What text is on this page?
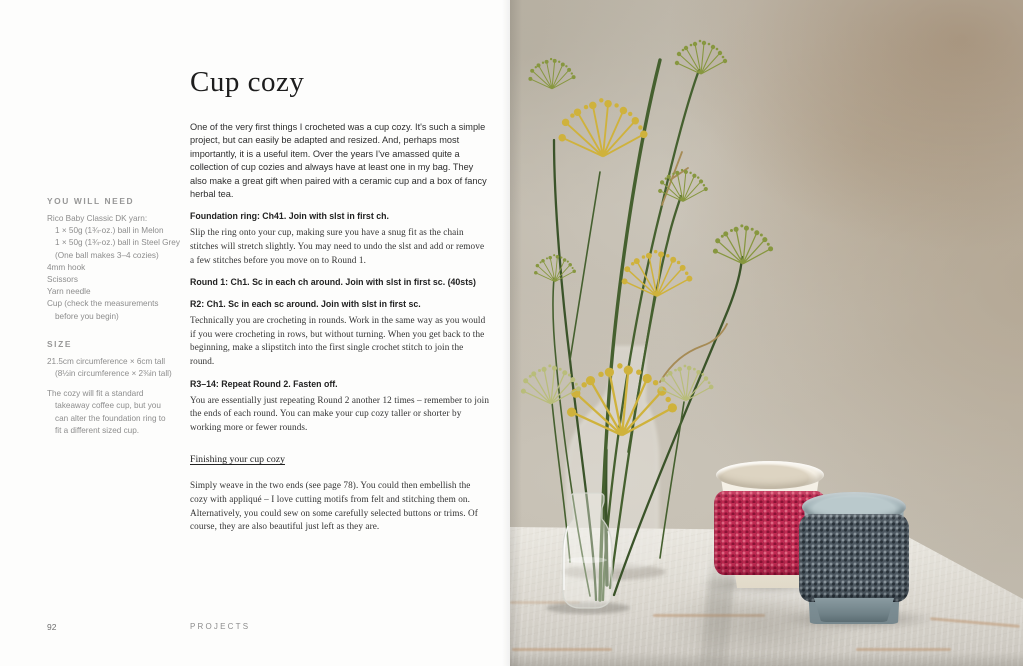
YOU WILL NEED
Rico Baby Classic DK yarn:
1 × 50g (1¾-oz.) ball in Melon
1 × 50g (1¾-oz.) ball in Steel Grey
(One ball makes 3–4 cozies)
4mm hook
Scissors
Yarn needle
Cup (check the measurements
before you begin)
SIZE
21.5cm circumference × 6cm tall
(8½in circumference × 2⅜in tall)
The cozy will fit a standard takeaway coffee cup, but you can alter the foundation ring to fit a different sized cup.
Cup cozy

One of the very first things I crocheted was a cup cozy. It's such a simple project, but can easily be adapted and resized. And, perhaps most importantly, it is a useful item. Over the years I've amassed quite a collection of cup cozies and always have at least one in my bag. They also make a great gift when paired with a ceramic cup and a box of fancy herbal tea.

Foundation ring: Ch41. Join with slst in first ch.

Slip the ring onto your cup, making sure you have a snug fit as the chain stitches will stretch slightly. You may need to undo the slst and add or remove a few stitches before you move on to Round 1.

Round 1: Ch1. Sc in each ch around. Join with slst in first sc. (40sts)
R2: Ch1. Sc in each sc around. Join with slst in first sc.

Technically you are crocheting in rounds. Work in the same way as you would if you were crocheting in rows, but without turning. When you get back to the beginning, make a slipstitch into the first single crochet stitch to join the round.

R3–14: Repeat Round 2. Fasten off.

You are essentially just repeating Round 2 another 12 times – remember to join the ends of each round. You can make your cup cozy taller or shorter by working more or fewer rounds.

Finishing your cup cozy

Simply weave in the two ends (see page 78). You could then embellish the cozy with appliqué – I love cutting motifs from felt and stitching them on. Alternatively, you could sew on some carefully selected buttons or trims. Of course, they are also beautiful just left as they are.

92	PROJECTS
